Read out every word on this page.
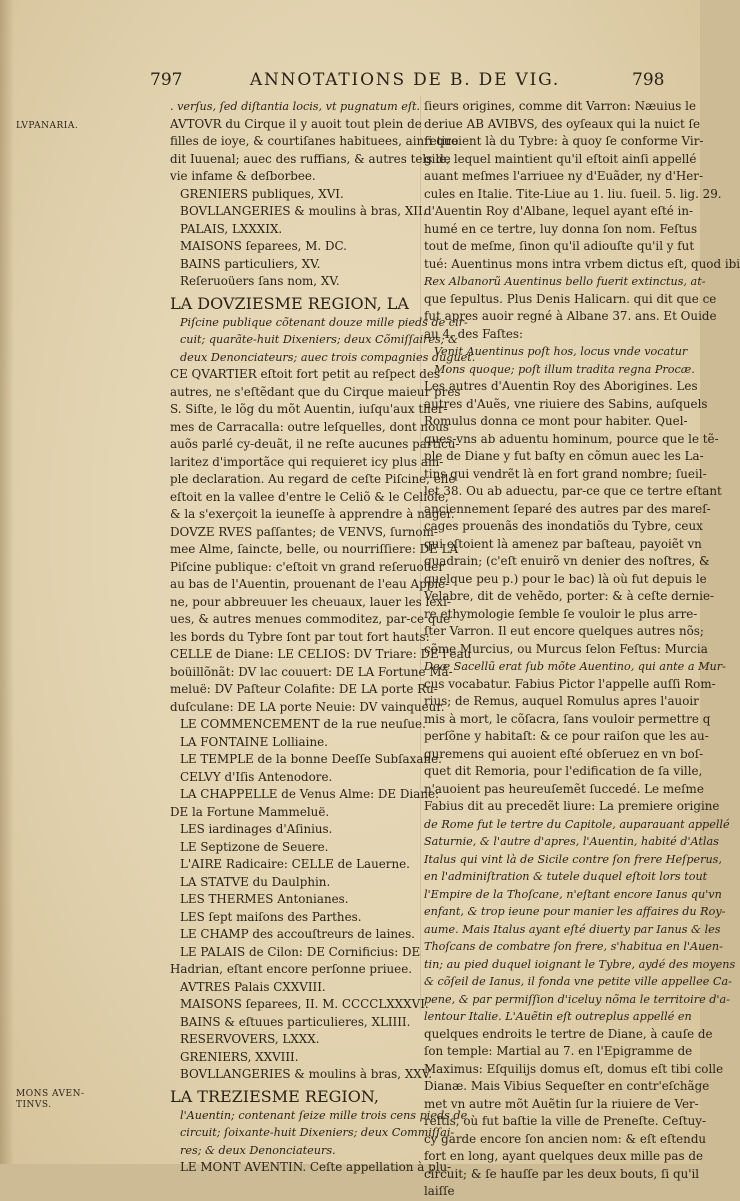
797	ANNOTATIONS DE B. DE VIG.	798
LVPANARIA.
MONS AVEN-
TINVS.
. verſus, ſed diſtantia locis, vt pugnatum eſt.
AVTOVR du Cirque il y auoit tout plein de
filles de ioye, & courtiſanes habituees, ainſi que
dit Iuuenal; auec des ruffians, & autres tels de
vie infame & deſborbee.
GRENIERS publiques, XVI.
BOVLLANGERIES & moulins à bras, XII.
PALAIS, LXXXIX.
MAISONS ſeparees, M. DC.
BAINS particuliers, XV.
Reſeruoüers ſans nom, XV.
LA DOVZIESME REGION, LA
Piſcine publique cõtenant douze mille pieds de cir-
cuit; quarãte-huit Dixeniers; deux Cõmiſſaires; &
deux Denonciateurs; auec trois compagnies duguet.
CE QVARTIER eſtoit fort petit au reſpect des
autres, ne s'eſtẽdant que du Cirque maieur pres
S. Siſte, le lõg du mõt Auentin, iuſqu'aux ther-
mes de Carracalla: outre leſquelles, dont nous
auõs parlé cy-deuãt, il ne reſte aucunes particu-
laritez d'importãce qui requieret icy plus am-
ple declaration. Au regard de ceſte Piſcine, elle
eſtoit en la vallee d'entre le Celiõ & le Celiole,
& la s'exerçoit la ieuneſſe à apprendre à nager.
DOVZE RVES paſſantes; de VENVS, ſurnom-
mee Alme, ſaincte, belle, ou nourriſſiere: DE LA
Piſcine publique: c'eſtoit vn grand reſeruoüer
au bas de l'Auentin, prouenant de l'eau Appie-
ne, pour abbreuuer les cheuaux, lauer les lexi-
ues, & autres menues commoditez, par-ce que
les bords du Tybre ſont par tout fort hauts:
CELLE de Diane: LE CELIOS: DV Triare: DE l'eau
boüillõnãt: DV lac couuert: DE LA Fortune Mã-
meluë: DV Paſteur Colafite: DE LA porte Ru-
duſculane: DE LA porte Neuie: DV vainqueur.
LE COMMENCEMENT de la rue neuſue.
LA FONTAINE Lolliaine.
LE TEMPLE de la bonne Deeſſe Subſaxane.
CELVY d'Iſis Antenodore.
LA CHAPPELLE de Venus Alme: DE Diane:
DE la Fortune Mammeluë.
LES iardinages d'Aſinius.
LE Septizone de Seuere.
L'AIRE Radicaire: CELLE de Lauerne.
LA STATVE du Daulphin.
LES THERMES Antonianes.
LES ſept maiſons des Parthes.
LE CHAMP des accouſtreurs de laines.
LE PALAIS de Cilon: DE Cornificius: DE
Hadrian, eſtant encore perſonne priuee.
AVTRES Palais CXXVIII.
MAISONS ſeparees, II. M. CCCCLXXXVI.
BAINS & eſtuues particulieres, XLIIII.
RESERVOVERS, LXXX.
GRENIERS, XXVIII.
BOVLLANGERIES & moulins à bras, XXV.
LA TREZIESME REGION,
l'Auentin; contenant ſeize mille trois cens pieds de
circuit; ſoixante-huit Dixeniers; deux Commiſſai-
res; & deux Denonciateurs.
LE MONT AVENTIN. Ceſte appellation à plu-
ſieurs origines, comme dit Varron: Næuius le
deriue AB AVIBVS, des oyſeaux qui la nuict ſe
retiroient là du Tybre: à quoy ſe conforme Vir-
gile, lequel maintient qu'il eſtoit ainſi appellé
auant meſmes l'arriuee ny d'Euãder, ny d'Her-
cules en Italie. Tite-Liue au 1. liu. ſueil. 5. lig. 29.
d'Auentin Roy d'Albane, lequel ayant eſté in-
humé en ce tertre, luy donna ſon nom. Feſtus
tout de meſme, ſinon qu'il adiouſte qu'il y fut
tué: Auentinus mons intra vrbem dictus eſt, quod ibi
Rex Albanorũ Auentinus bello fuerit extinctus, at-
que ſepultus. Plus Denis Halicarn. qui dit que ce
fut apres auoir regné à Albane 37. ans. Et Ouide
au 4. des Faſtes:
Venit Auentinus poſt hos, locus vnde vocatur
Mons quoque; poſt illum tradita regna Procæ.
Les autres d'Auentin Roy des Aborigines. Les
autres d'Auẽs, vne riuiere des Sabins, auſquels
Romulus donna ce mont pour habiter. Quel-
ques-vns ab aduentu hominum, pource que le tẽ-
ple de Diane y fut baſty en cõmun auec les La-
tins qui vendrẽt là en fort grand nombre; ſueil-
let 38. Ou ab aduectu, par-ce que ce tertre eſtant
anciennement ſeparé des autres par des mareſ-
cages prouenãs des inondatiõs du Tybre, ceux
qui eſtoient là amenez par baſteau, payoiẽt vn
quadrain; (c'eſt enuirõ vn denier des noſtres, &
quelque peu p.) pour le bac) là où fut depuis le
Velabre, dit de vehẽdo, porter: & à ceſte dernie-
re ethymologie ſemble ſe vouloir le plus arre-
ſter Varron. Il eut encore quelques autres nõs;
cõme Murcius, ou Murcus ſelon Feſtus: Murcia
Deæ Sacellũ erat ſub mõte Auentino, qui ante a Mur-
cus vocabatur. Fabius Pictor l'appelle auſſi Rom-
rius; de Remus, auquel Romulus apres l'auoir
mis à mort, le cõſacra, ſans vouloir permettre q
perſõne y habitaſt: & ce pour raiſon que les au-
guremens qui auoient eſté obſeruez en vn boſ-
quet dit Remoria, pour l'edification de ſa ville,
n'auoient pas heureuſemẽt ſuccedé. Le meſme
Fabius dit au precedẽt liure: La premiere origine
de Rome fut le tertre du Capitole, auparauant appellé
Saturnie, & l'autre d'apres, l'Auentin, habité d'Atlas
Italus qui vint là de Sicile contre ſon frere Heſperus,
en l'adminiſtration & tutele duquel eſtoit lors tout
l'Empire de la Thoſcane, n'eſtant encore Ianus qu'vn
enfant, & trop ieune pour manier les affaires du Roy-
aume. Mais Italus ayant eſté diuerty par Ianus & les
Thoſcans de combatre ſon frere, s'habitua en l'Auen-
tin; au pied duquel ioignant le Tybre, aydé des moyens
& cõſeil de Ianus, il fonda vne petite ville appellee Ca-
pene, & par permiſſion d'iceluy nõma le territoire d'a-
lentour Italie. L'Auẽtin eſt outreplus appellé en
quelques endroits le tertre de Diane, à cauſe de
ſon temple: Martial au 7. en l'Epigramme de
Maximus: Eſquilijs domus eſt, domus eſt tibi colle
Dianæ. Mais Vibius Sequeſter en contr'eſchãge
met vn autre mõt Auẽtin ſur la riuiere de Ver-
reſtis, où fut baſtie la ville de Preneſte. Ceſtuy-
cy garde encore ſon ancien nom: & eſt eſtendu
fort en long, ayant quelques deux mille pas de
circuit; & ſe hauſſe par les deux bouts, ſi qu'il
laiſſe
